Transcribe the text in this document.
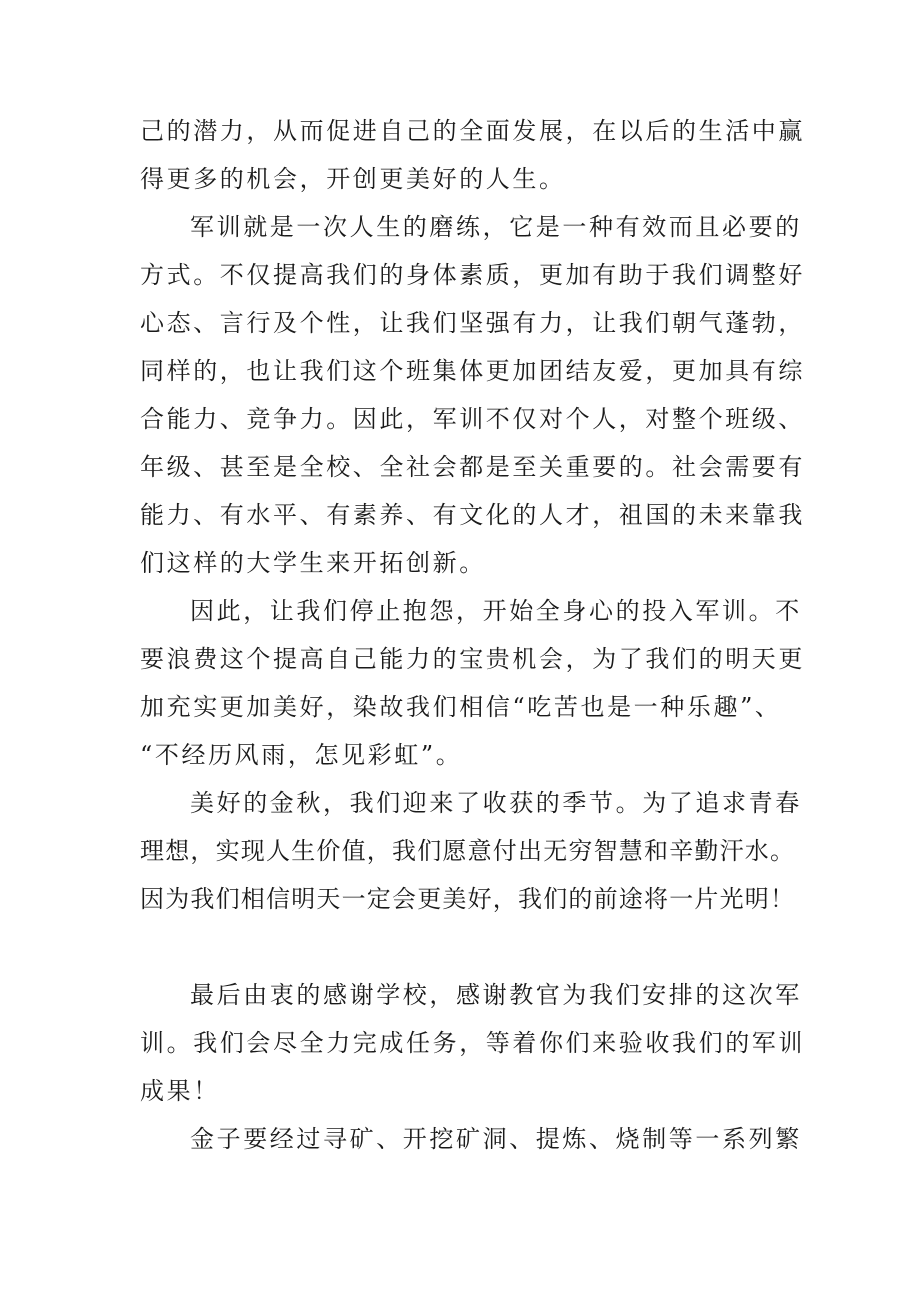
己的潜力，从而促进自己的全面发展，在以后的生活中赢
得更多的机会，开创更美好的人生。
军训就是一次人生的磨练，它是一种有效而且必要的
方式。不仅提高我们的身体素质，更加有助于我们调整好
心态、言行及个性，让我们坚强有力，让我们朝气蓬勃，
同样的，也让我们这个班集体更加团结友爱，更加具有综
合能力、竞争力。因此，军训不仅对个人，对整个班级、
年级、甚至是全校、全社会都是至关重要的。社会需要有
能力、有水平、有素养、有文化的人才，祖国的未来靠我
们这样的大学生来开拓创新。
因此，让我们停止抱怨，开始全身心的投入军训。不
要浪费这个提高自己能力的宝贵机会，为了我们的明天更
加充实更加美好，染故我们相信“吃苦也是一种乐趣”、
“不经历风雨，怎见彩虹”。
美好的金秋，我们迎来了收获的季节。为了追求青春
理想，实现人生价值，我们愿意付出无穷智慧和辛勤汗水。
因为我们相信明天一定会更美好，我们的前途将一片光明！
最后由衷的感谢学校，感谢教官为我们安排的这次军
训。我们会尽全力完成任务，等着你们来验收我们的军训
成果！
金子要经过寻矿、开挖矿洞、提炼、烧制等一系列繁
